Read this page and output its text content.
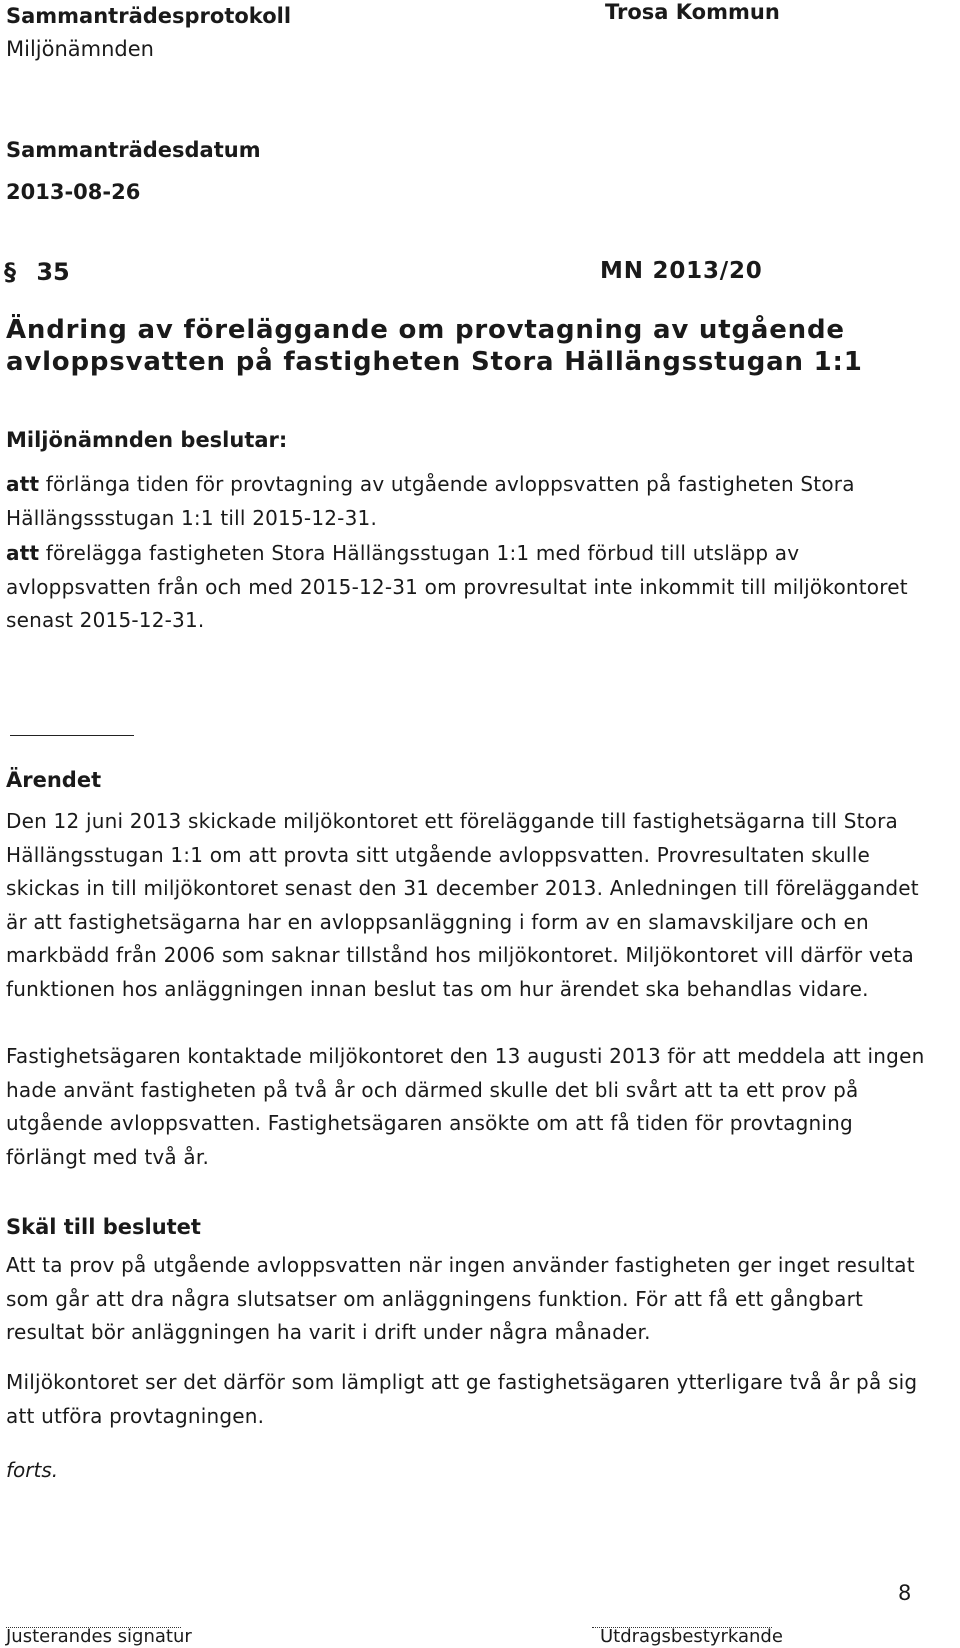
Sammanträdesprotokoll	Trosa Kommun
Miljönämnden
Sammanträdesdatum
2013-08-26
§ 35	MN 2013/20
Ändring av föreläggande om provtagning av utgående
avloppsvatten på fastigheten Stora Hällängsstugan 1:1
Miljönämnden beslutar:
att förlänga tiden för provtagning av utgående avloppsvatten på fastigheten Stora Hällängssstugan 1:1 till 2015-12-31.
att förelägga fastigheten Stora Hällängsstugan 1:1 med förbud till utsläpp av avloppsvatten från och med 2015-12-31 om provresultat inte inkommit till miljökontoret senast 2015-12-31.
Ärendet
Den 12 juni 2013 skickade miljökontoret ett föreläggande till fastighetsägarna till Stora Hällängsstugan 1:1 om att provta sitt utgående avloppsvatten. Provresultaten skulle skickas in till miljökontoret senast den 31 december 2013. Anledningen till föreläggandet är att fastighetsägarna har en avloppsanläggning i form av en slamavskiljare och en markbädd från 2006 som saknar tillstånd hos miljökontoret. Miljökontoret vill därför veta funktionen hos anläggningen innan beslut tas om hur ärendet ska behandlas vidare.
Fastighetsägaren kontaktade miljökontoret den 13 augusti 2013 för att meddela att ingen hade använt fastigheten på två år och därmed skulle det bli svårt att ta ett prov på utgående avloppsvatten. Fastighetsägaren ansökte om att få tiden för provtagning förlängt med två år.
Skäl till beslutet
Att ta prov på utgående avloppsvatten när ingen använder fastigheten ger inget resultat som går att dra några slutsatser om anläggningens funktion. För att få ett gångbart resultat bör anläggningen ha varit i drift under några månader.
Miljökontoret ser det därför som lämpligt att ge fastighetsägaren ytterligare två år på sig att utföra provtagningen.
forts.
8
Justerandes signatur	Utdragsbestyrkande
